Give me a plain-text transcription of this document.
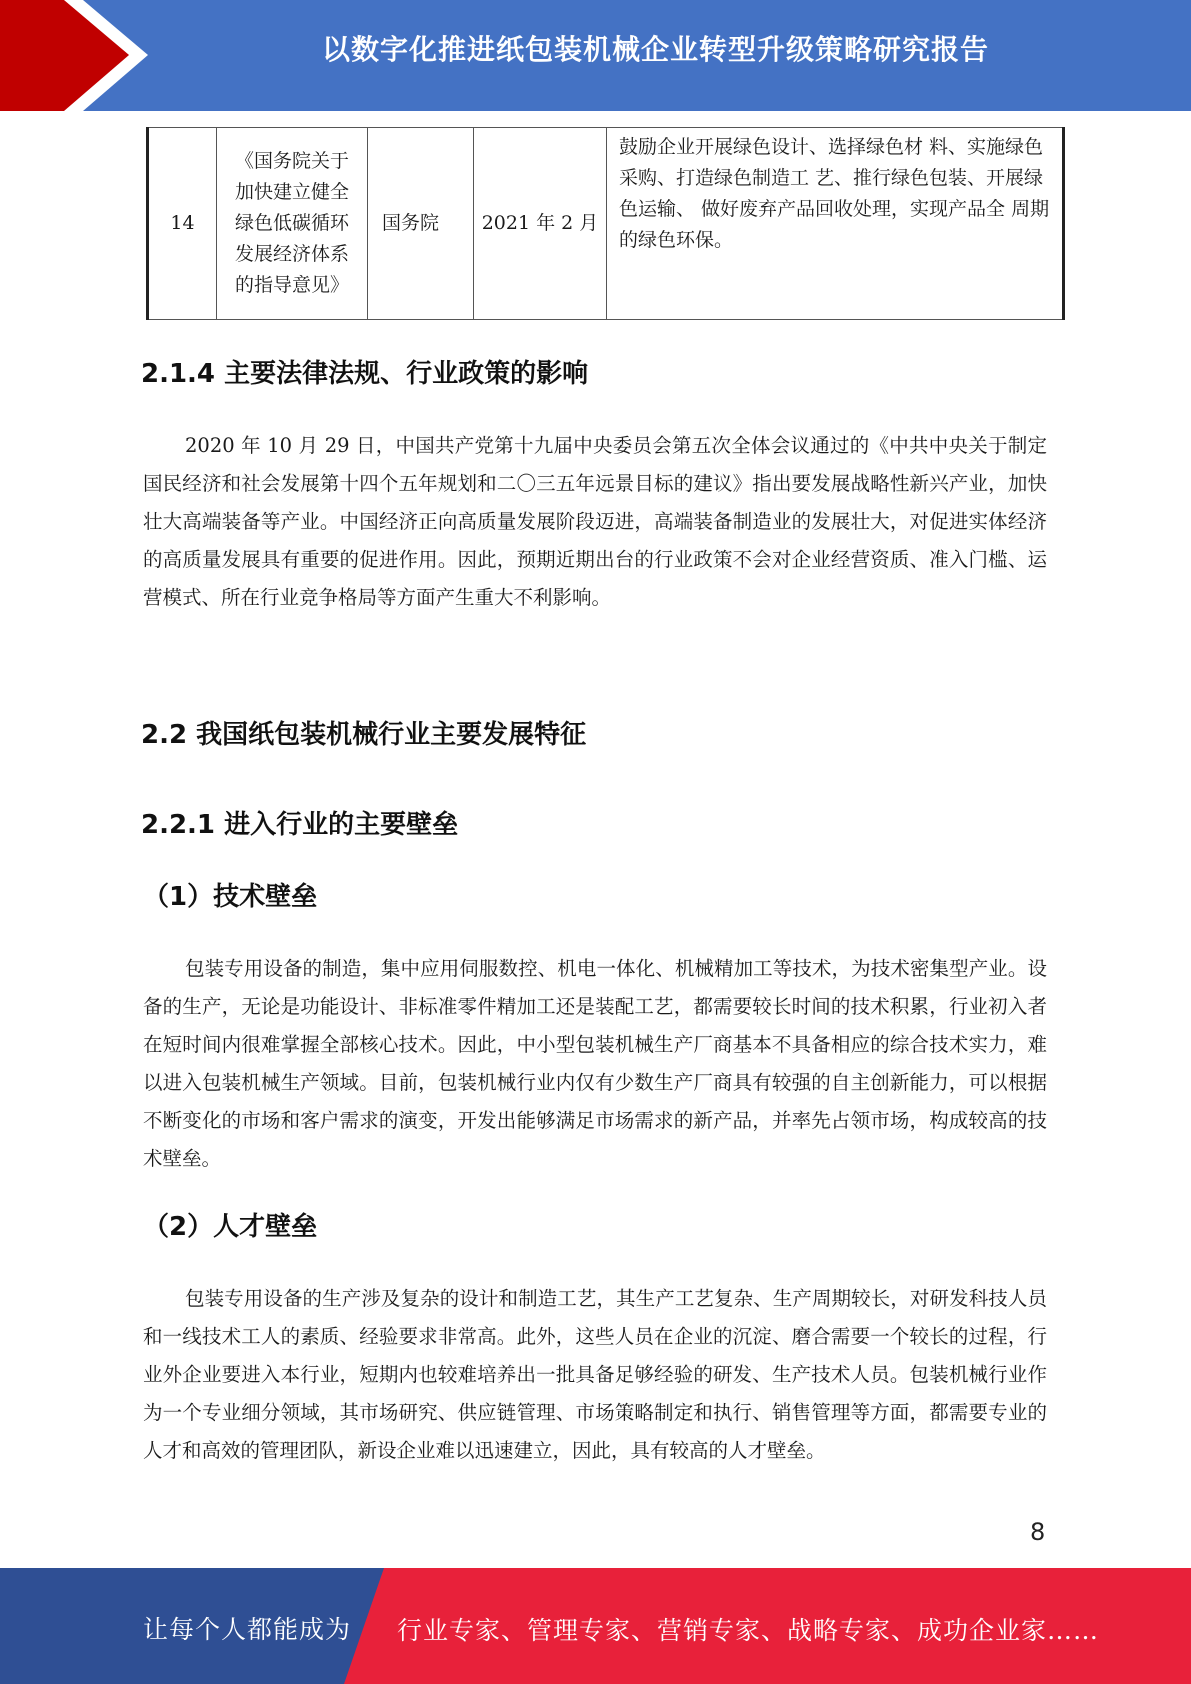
以数字化推进纸包装机械企业转型升级策略研究报告
14	《国务院关于 加快建立健全 绿色低碳循环 发展经济体系 的指导意见》	国务院	2021 年 2 月	鼓励企业开展绿色设计、选择绿色材 料、实施绿色采购、打造绿色制造工 艺、推行绿色包装、开展绿色运输、 做好废弃产品回收处理，实现产品全 周期的绿色环保。
2.1.4 主要法律法规、行业政策的影响

2020 年 10 月 29 日，中国共产党第十九届中央委员会第五次全体会议通过的《中共中央关于制定国民经济和社会发展第十四个五年规划和二〇三五年远景目标的建议》指出要发展战略性新兴产业，加快壮大高端装备等产业。中国经济正向高质量发展阶段迈进，高端装备制造业的发展壮大，对促进实体经济的高质量发展具有重要的促进作用。因此，预期近期出台的行业政策不会对企业经营资质、准入门槛、运营模式、所在行业竞争格局等方面产生重大不利影响。

2.2 我国纸包装机械行业主要发展特征
2.2.1 进入行业的主要壁垒
（1）技术壁垒

包装专用设备的制造，集中应用伺服数控、机电一体化、机械精加工等技术，为技术密集型产业。设备的生产，无论是功能设计、非标准零件精加工还是装配工艺，都需要较长时间的技术积累，行业初入者在短时间内很难掌握全部核心技术。因此，中小型包装机械生产厂商基本不具备相应的综合技术实力，难以进入包装机械生产领域。目前，包装机械行业内仅有少数生产厂商具有较强的自主创新能力，可以根据不断变化的市场和客户需求的演变，开发出能够满足市场需求的新产品，并率先占领市场，构成较高的技术壁垒。

（2）人才壁垒

包装专用设备的生产涉及复杂的设计和制造工艺，其生产工艺复杂、生产周期较长，对研发科技人员和一线技术工人的素质、经验要求非常高。此外，这些人员在企业的沉淀、磨合需要一个较长的过程，行业外企业要进入本行业，短期内也较难培养出一批具备足够经验的研发、生产技术人员。包装机械行业作为一个专业细分领域，其市场研究、供应链管理、市场策略制定和执行、销售管理等方面，都需要专业的人才和高效的管理团队，新设企业难以迅速建立，因此，具有较高的人才壁垒。

8
让每个人都能成为 行业专家、管理专家、营销专家、战略专家、成功企业家……
